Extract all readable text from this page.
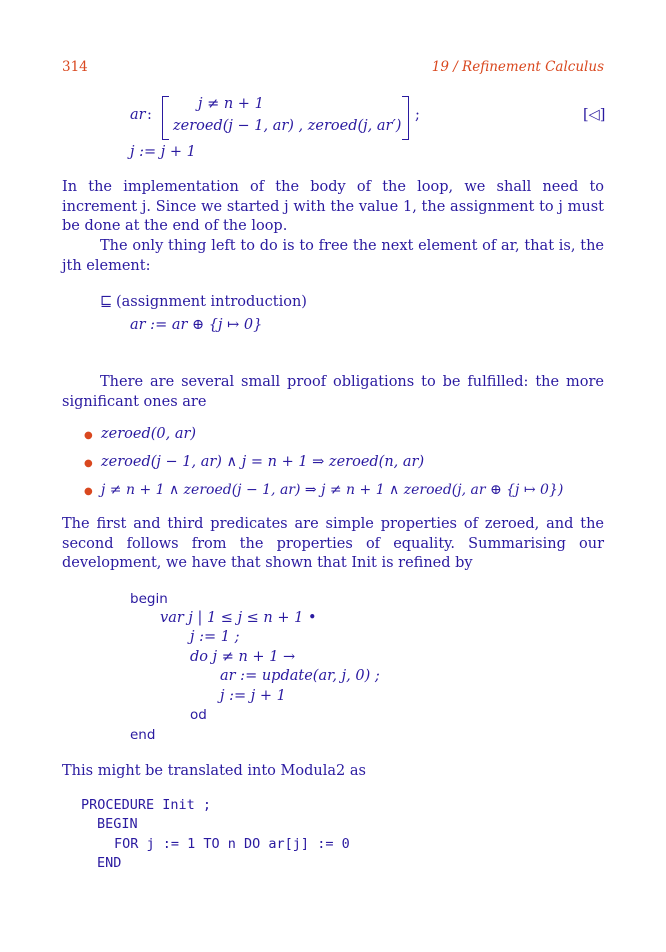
314	19 / Refinement Calculus
ar :
j ≠ n + 1
zeroed(j − 1, ar) , zeroed(j, ar′)
;	[◁]
j := j + 1
In the implementation of the body of the loop, we shall need to increment j. Since we started j with the value 1, the assignment to j must be done at the end of the loop.
The only thing left to do is to free the next element of ar, that is, the jth element:
⊑ (assignment introduction)
ar := ar ⊕ {j ↦ 0}
There are several small proof obligations to be fulfilled: the more significant ones are
● zeroed(0, ar)
● zeroed(j − 1, ar) ∧ j = n + 1 ⇒ zeroed(n, ar)
● j ≠ n + 1 ∧ zeroed(j − 1, ar) ⇒ j ≠ n + 1 ∧ zeroed(j, ar ⊕ {j ↦ 0})
The first and third predicates are simple properties of zeroed, and the second follows from the properties of equality. Summarising our development, we have that shown that Init is refined by
begin
var j | 1 ≤ j ≤ n + 1 •
j := 1 ;
do j ≠ n + 1 →
ar := update(ar, j, 0) ;
j := j + 1
od
end
This might be translated into Modula2 as
PROCEDURE Init ;
BEGIN
FOR j := 1 TO n DO ar[j] := 0
END
